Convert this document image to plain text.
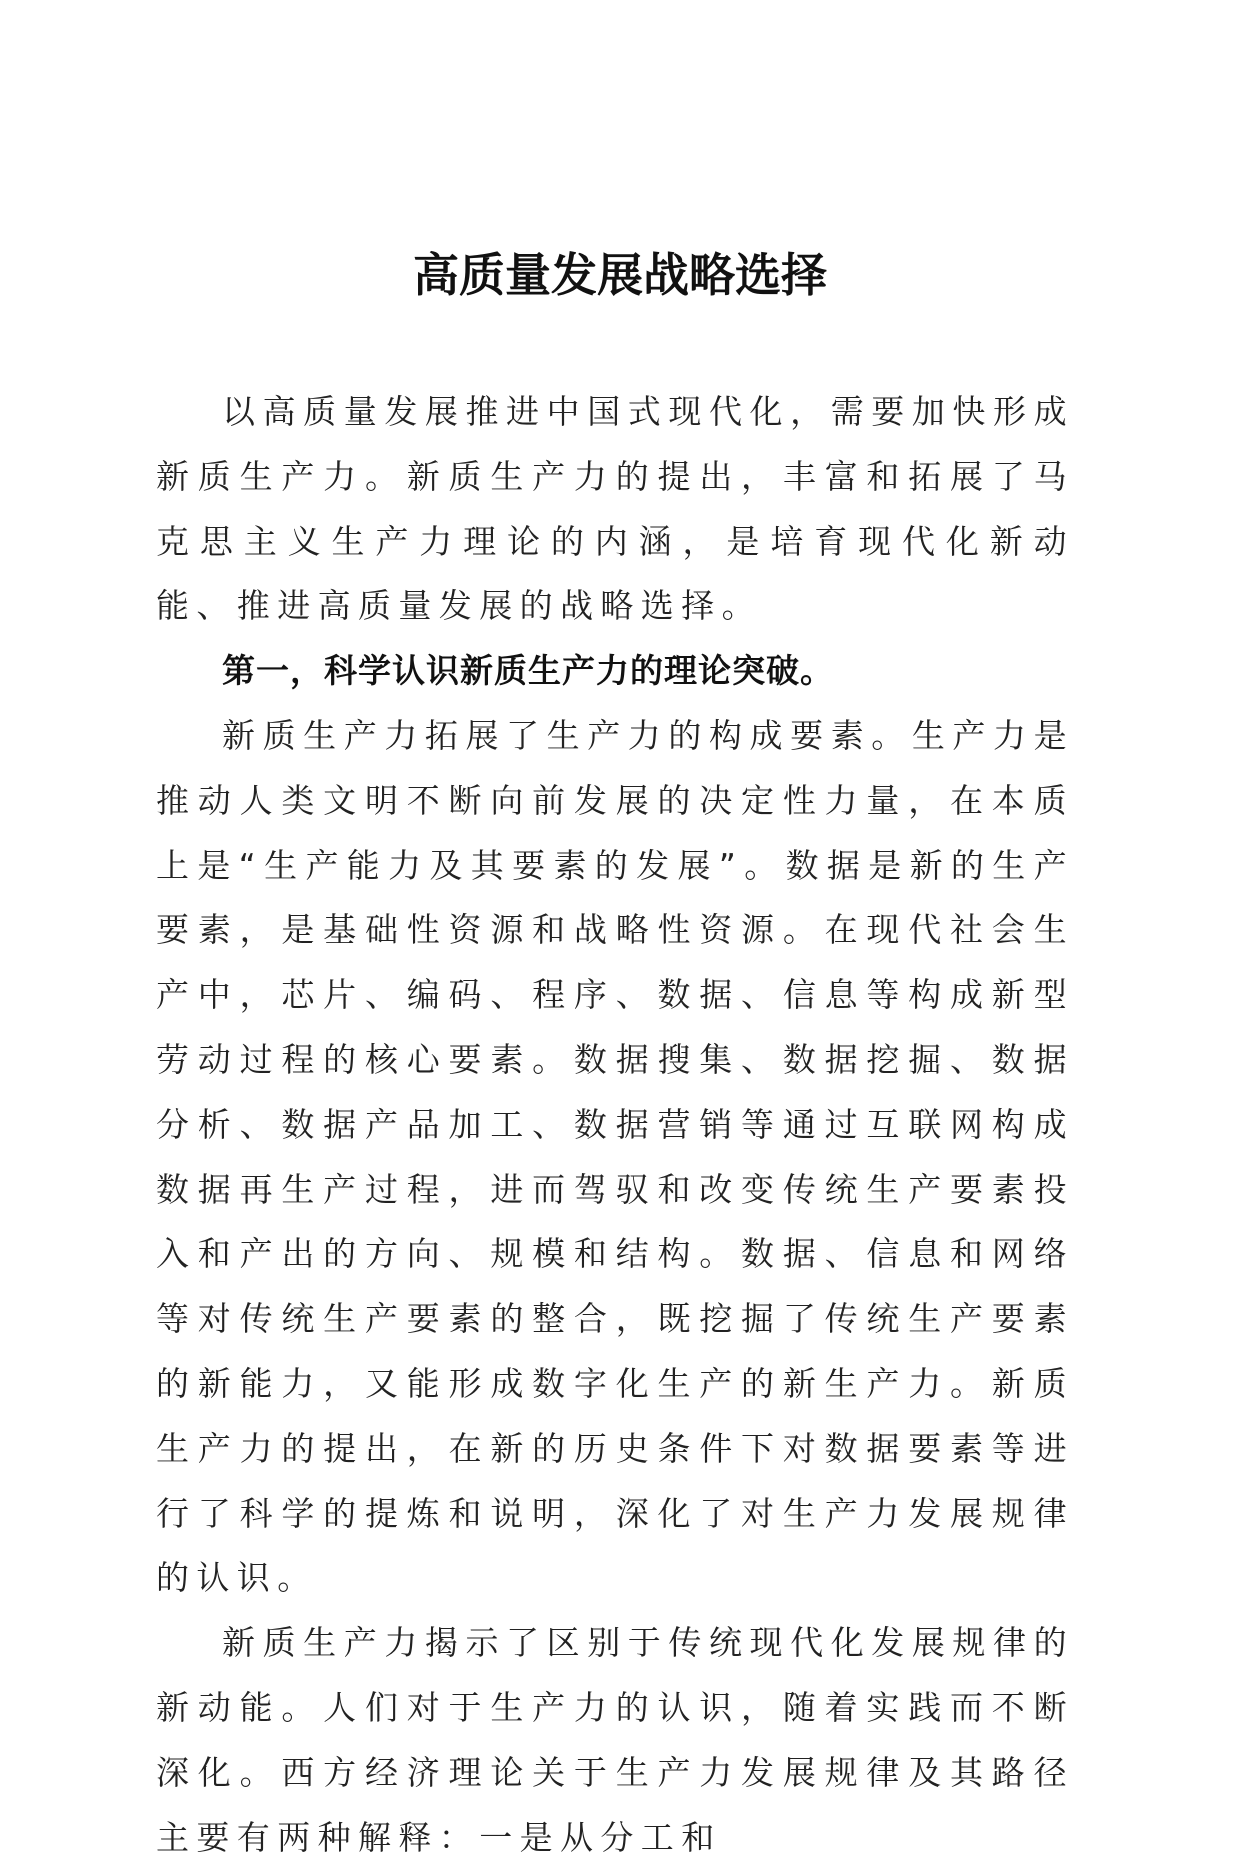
高质量发展战略选择

以高质量发展推进中国式现代化，需要加快形成新质生产力。新质生产力的提出，丰富和拓展了马克思主义生产力理论的内涵，是培育现代化新动能、推进高质量发展的战略选择。

第一，科学认识新质生产力的理论突破。

新质生产力拓展了生产力的构成要素。生产力是推动人类文明不断向前发展的决定性力量，在本质上是“生产能力及其要素的发展”。数据是新的生产要素，是基础性资源和战略性资源。在现代社会生产中，芯片、编码、程序、数据、信息等构成新型劳动过程的核心要素。数据搜集、数据挖掘、数据分析、数据产品加工、数据营销等通过互联网构成数据再生产过程，进而驾驭和改变传统生产要素投入和产出的方向、规模和结构。数据、信息和网络等对传统生产要素的整合，既挖掘了传统生产要素的新能力，又能形成数字化生产的新生产力。新质生产力的提出，在新的历史条件下对数据要素等进行了科学的提炼和说明，深化了对生产力发展规律的认识。

新质生产力揭示了区别于传统现代化发展规律的新动能。人们对于生产力的认识，随着实践而不断深化。西方经济理论关于生产力发展规律及其路径主要有两种解释：一是从分工和
